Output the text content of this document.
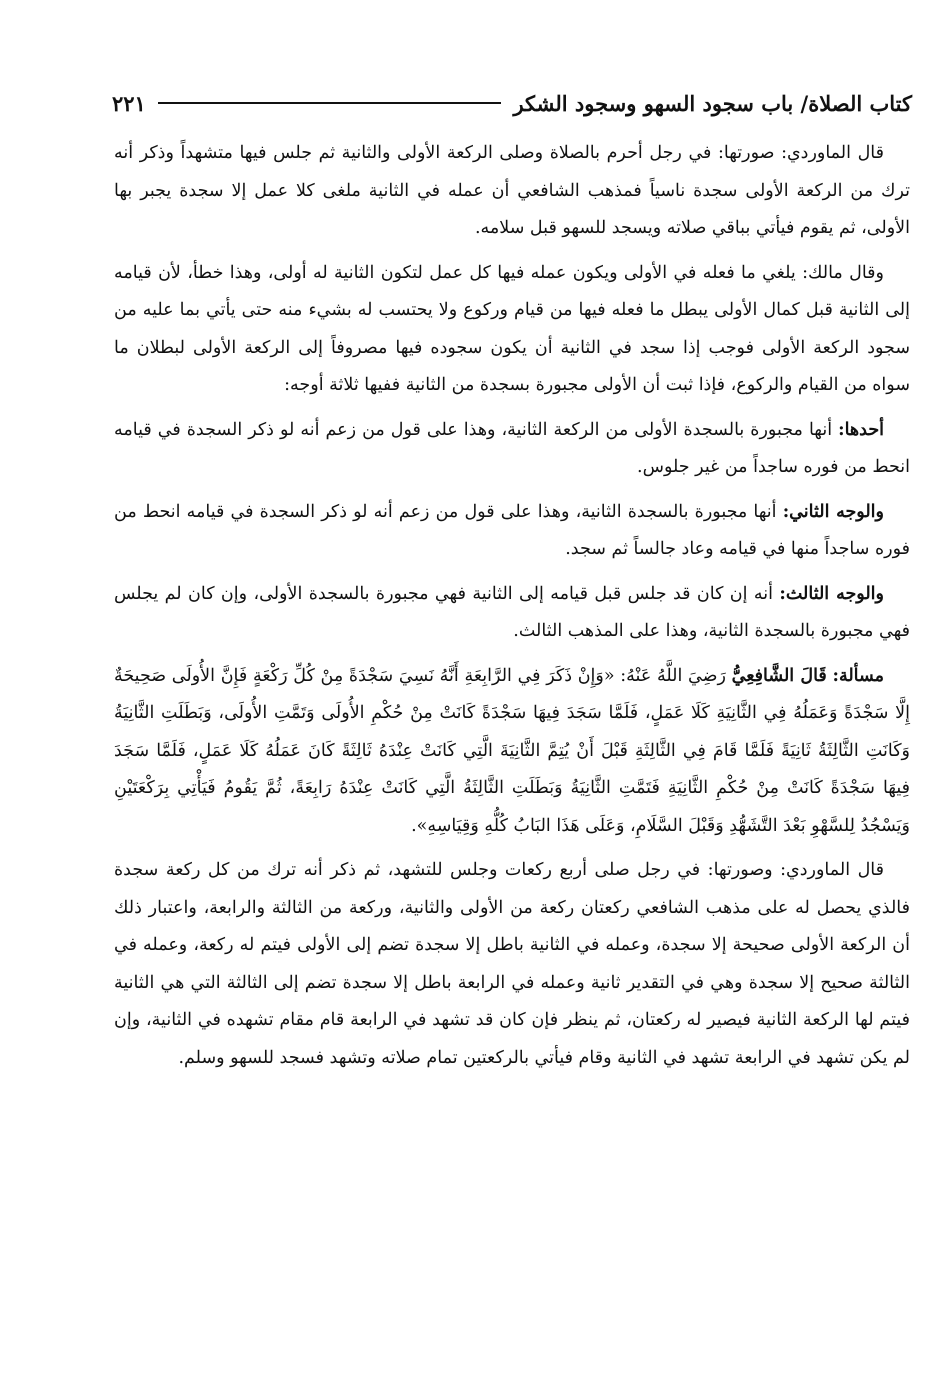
كتاب الصلاة/ باب سجود السهو وسجود الشكر
٢٢١

قال الماوردي: صورتها: في رجل أحرم بالصلاة وصلى الركعة الأولى والثانية ثم جلس فيها متشهداً وذكر أنه ترك من الركعة الأولى سجدة ناسياً فمذهب الشافعي أن عمله في الثانية ملغى كلا عمل إلا سجدة يجبر بها الأولى، ثم يقوم فيأتي بباقي صلاته ويسجد للسهو قبل سلامه.

وقال مالك: يلغي ما فعله في الأولى ويكون عمله فيها كل عمل لتكون الثانية له أولى، وهذا خطأ، لأن قيامه إلى الثانية قبل كمال الأولى يبطل ما فعله فيها من قيام وركوع ولا يحتسب له بشيء منه حتى يأتي بما عليه من سجود الركعة الأولى فوجب إذا سجد في الثانية أن يكون سجوده فيها مصروفاً إلى الركعة الأولى لبطلان ما سواه من القيام والركوع، فإذا ثبت أن الأولى مجبورة بسجدة من الثانية ففيها ثلاثة أوجه:

أحدها: أنها مجبورة بالسجدة الأولى من الركعة الثانية، وهذا على قول من زعم أنه لو ذكر السجدة في قيامه انحط من فوره ساجداً من غير جلوس.

والوجه الثاني: أنها مجبورة بالسجدة الثانية، وهذا على قول من زعم أنه لو ذكر السجدة في قيامه انحط من فوره ساجداً منها في قيامه وعاد جالساً ثم سجد.

والوجه الثالث: أنه إن كان قد جلس قبل قيامه إلى الثانية فهي مجبورة بالسجدة الأولى، وإن كان لم يجلس فهي مجبورة بالسجدة الثانية، وهذا على المذهب الثالث.

مسألة: قَالَ الشَّافِعِيُّ رَضِيَ اللَّهُ عَنْهُ: «وَإِنْ ذَكَرَ فِي الرَّابِعَةِ أَنَّهُ نَسِيَ سَجْدَةً مِنْ كُلِّ رَكْعَةٍ فَإِنَّ الأُولَى صَحِيحَةٌ إِلَّا سَجْدَةً وَعَمَلُهُ فِي الثَّانِيَةِ كَلَا عَمَلٍ، فَلَمَّا سَجَدَ فِيهَا سَجْدَةً كَانَتْ مِنْ حُكْمِ الأُولَى وَتَمَّتِ الأُولَى، وَبَطَلَتِ الثَّانِيَةُ وَكَانَتِ الثَّالِثَةُ ثَانِيَةً فَلَمَّا قَامَ فِي الثَّالِثَةِ قَبْلَ أَنْ يُتِمَّ الثَّانِيَةَ الَّتِي كَانَتْ عِنْدَهُ ثَالِثَةً كَانَ عَمَلُهُ كَلَا عَمَلٍ، فَلَمَّا سَجَدَ فِيهَا سَجْدَةً كَانَتْ مِنْ حُكْمِ الثَّانِيَةِ فَتَمَّتِ الثَّانِيَةُ وَبَطَلَتِ الثَّالِثَةُ الَّتِي كَانَتْ عِنْدَهُ رَابِعَةً، ثُمَّ يَقُومُ فَيَأْتِي بِرَكْعَتَيْنِ وَيَسْجُدُ لِلسَّهْوِ بَعْدَ التَّشَهُّدِ وَقَبْلَ السَّلَامِ، وَعَلَى هَذَا البَابُ كُلُّهِ وَقِيَاسِهِ».

قال الماوردي: وصورتها: في رجل صلى أربع ركعات وجلس للتشهد، ثم ذكر أنه ترك من كل ركعة سجدة فالذي يحصل له على مذهب الشافعي ركعتان ركعة من الأولى والثانية، وركعة من الثالثة والرابعة، واعتبار ذلك أن الركعة الأولى صحيحة إلا سجدة، وعمله في الثانية باطل إلا سجدة تضم إلى الأولى فيتم له ركعة، وعمله في الثالثة صحيح إلا سجدة وهي في التقدير ثانية وعمله في الرابعة باطل إلا سجدة تضم إلى الثالثة التي هي الثانية فيتم لها الركعة الثانية فيصير له ركعتان، ثم ينظر فإن كان قد تشهد في الرابعة قام مقام تشهده في الثانية، وإن لم يكن تشهد في الرابعة تشهد في الثانية وقام فيأتي بالركعتين تمام صلاته وتشهد فسجد للسهو وسلم.
